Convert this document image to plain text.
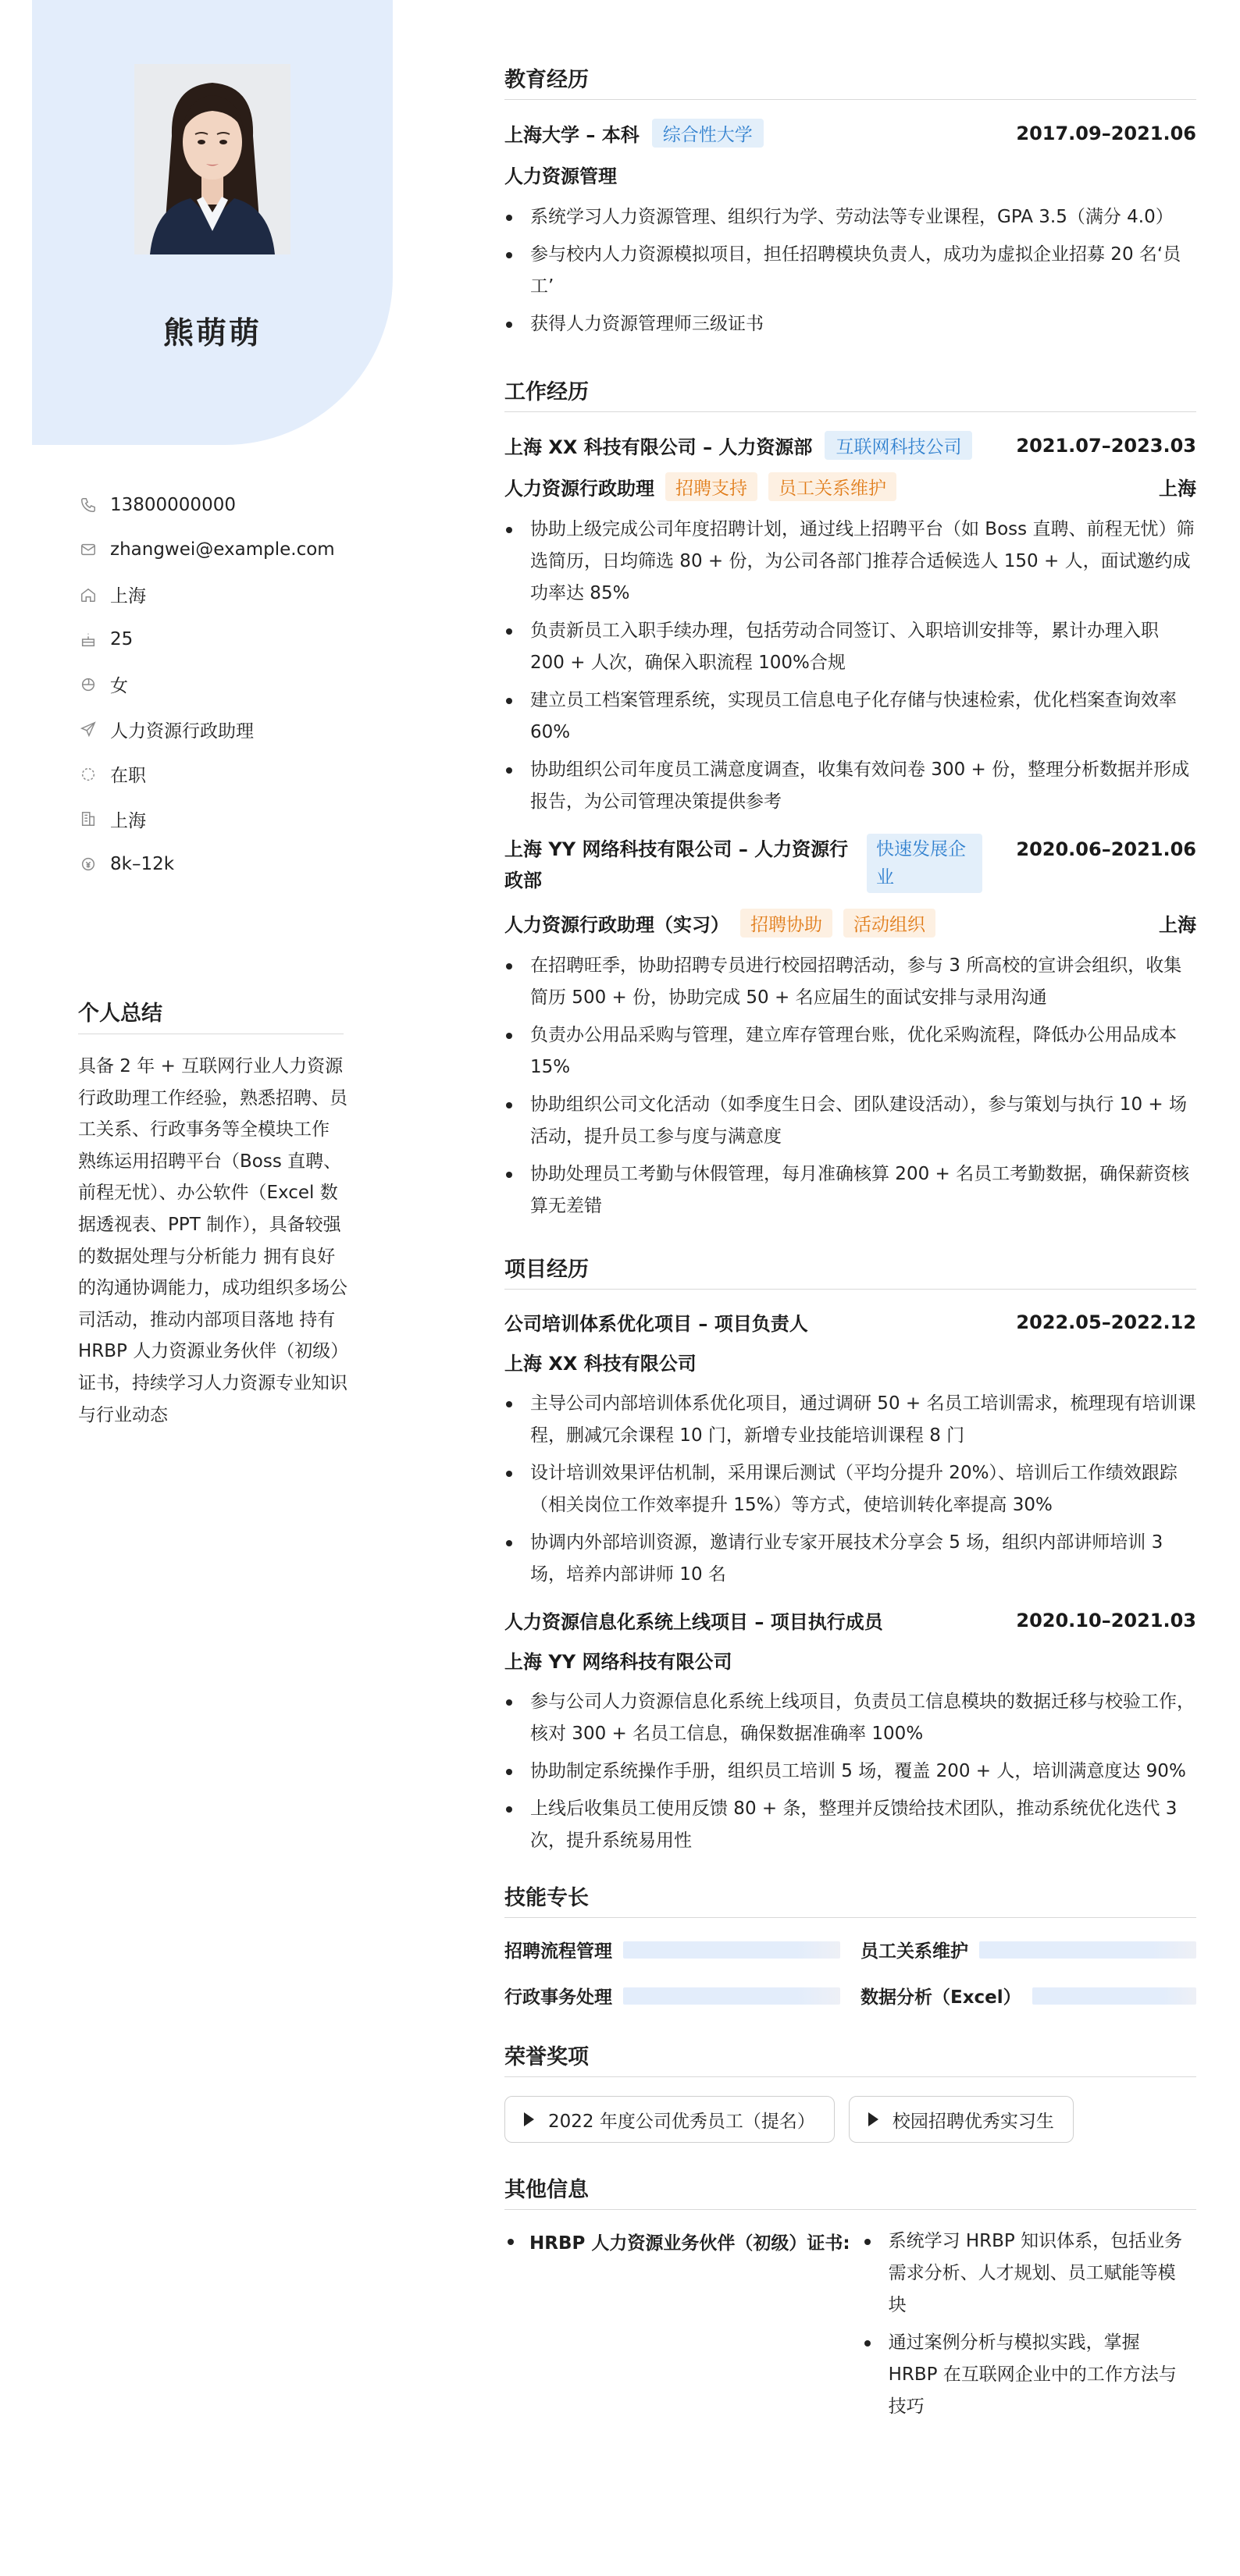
熊萌萌
13800000000
zhangwei@example.com
上海
25
女
人力资源行政助理
在职
上海
8k–12k
个人总结
具备 2 年 + 互联网行业人力资源行政助理工作经验，熟悉招聘、员工关系、行政事务等全模块工作 熟练运用招聘平台（Boss 直聘、前程无忧）、办公软件（Excel 数据透视表、PPT 制作），具备较强的数据处理与分析能力 拥有良好的沟通协调能力，成功组织多场公司活动，推动内部项目落地 持有 HRBP 人力资源业务伙伴（初级）证书，持续学习人力资源专业知识与行业动态
教育经历
上海大学 – 本科	综合性大学	2017.09–2021.06
人力资源管理
系统学习人力资源管理、组织行为学、劳动法等专业课程，GPA 3.5（满分 4.0）
参与校内人力资源模拟项目，担任招聘模块负责人，成功为虚拟企业招募 20 名‘员工’
获得人力资源管理师三级证书
工作经历
上海 XX 科技有限公司 – 人力资源部	互联网科技公司	2021.07–2023.03
人力资源行政助理	招聘支持	员工关系维护	上海
协助上级完成公司年度招聘计划，通过线上招聘平台（如 Boss 直聘、前程无忧）筛选简历，日均筛选 80 + 份，为公司各部门推荐合适候选人 150 + 人，面试邀约成功率达 85%
负责新员工入职手续办理，包括劳动合同签订、入职培训安排等，累计办理入职 200 + 人次，确保入职流程 100%合规
建立员工档案管理系统，实现员工信息电子化存储与快速检索，优化档案查询效率 60%
协助组织公司年度员工满意度调查，收集有效问卷 300 + 份，整理分析数据并形成报告，为公司管理决策提供参考
上海 YY 网络科技有限公司 – 人力资源行政部
快速发展企业
2020.06–2021.06
人力资源行政助理（实习）	招聘协助	活动组织	上海
在招聘旺季，协助招聘专员进行校园招聘活动，参与 3 所高校的宣讲会组织，收集简历 500 + 份，协助完成 50 + 名应届生的面试安排与录用沟通
负责办公用品采购与管理，建立库存管理台账，优化采购流程，降低办公用品成本 15%
协助组织公司文化活动（如季度生日会、团队建设活动），参与策划与执行 10 + 场活动，提升员工参与度与满意度
协助处理员工考勤与休假管理，每月准确核算 200 + 名员工考勤数据，确保薪资核算无差错
项目经历
公司培训体系优化项目 – 项目负责人	2022.05–2022.12
上海 XX 科技有限公司
主导公司内部培训体系优化项目，通过调研 50 + 名员工培训需求，梳理现有培训课程，删减冗余课程 10 门，新增专业技能培训课程 8 门
设计培训效果评估机制，采用课后测试（平均分提升 20%）、培训后工作绩效跟踪（相关岗位工作效率提升 15%）等方式，使培训转化率提高 30%
协调内外部培训资源，邀请行业专家开展技术分享会 5 场，组织内部讲师培训 3 场，培养内部讲师 10 名
人力资源信息化系统上线项目 – 项目执行成员	2020.10–2021.03
上海 YY 网络科技有限公司
参与公司人力资源信息化系统上线项目，负责员工信息模块的数据迁移与校验工作，核对 300 + 名员工信息，确保数据准确率 100%
协助制定系统操作手册，组织员工培训 5 场，覆盖 200 + 人，培训满意度达 90%
上线后收集员工使用反馈 80 + 条，整理并反馈给技术团队，推动系统优化迭代 3 次，提升系统易用性
技能专长
招聘流程管理	员工关系维护
行政事务处理	数据分析（Excel）
荣誉奖项
2022 年度公司优秀员工（提名）	校园招聘优秀实习生
其他信息
HRBP 人力资源业务伙伴（初级）证书:	系统学习 HRBP 知识体系，包括业务需求分析、人才规划、员工赋能等模块
通过案例分析与模拟实践，掌握 HRBP 在互联网企业中的工作方法与技巧
